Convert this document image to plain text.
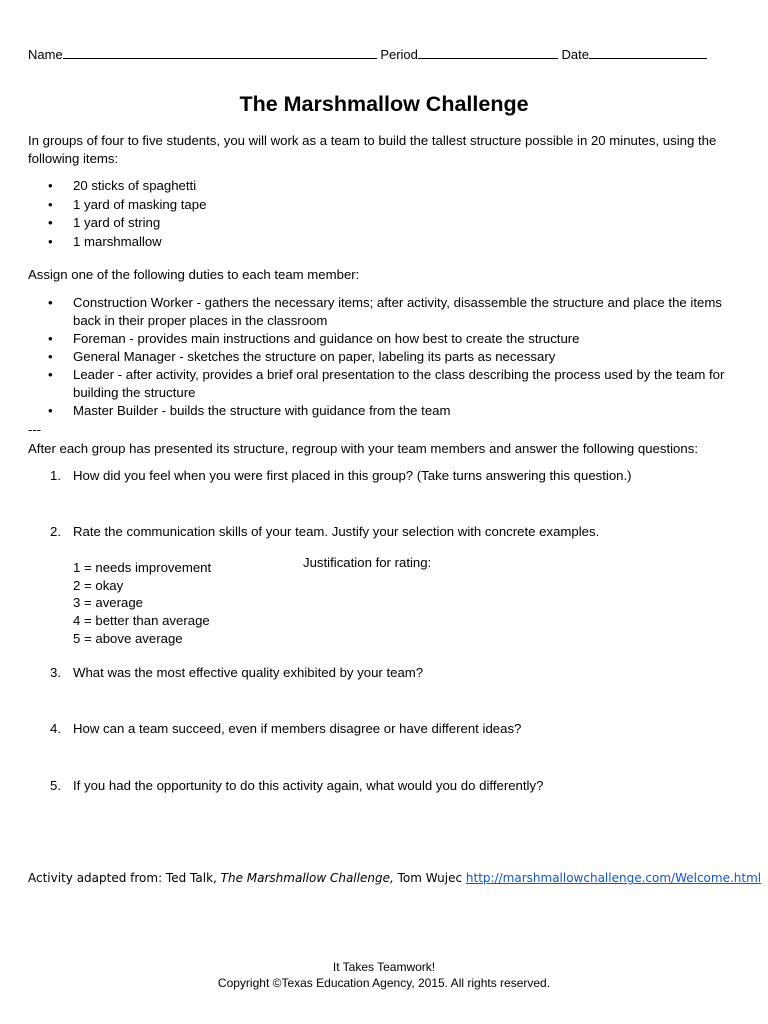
Name	Period	Date
The Marshmallow Challenge
In groups of four to five students, you will work as a team to build the tallest structure possible in 20 minutes, using the following items:
• 20 sticks of spaghetti
• 1 yard of masking tape
• 1 yard of string
• 1 marshmallow
Assign one of the following duties to each team member:
• Construction Worker - gathers the necessary items; after activity, disassemble the structure and place the items back in their proper places in the classroom
• Foreman - provides main instructions and guidance on how best to create the structure
• General Manager - sketches the structure on paper, labeling its parts as necessary
• Leader - after activity, provides a brief oral presentation to the class describing the process used by the team for building the structure
• Master Builder - builds the structure with guidance from the team
---
After each group has presented its structure, regroup with your team members and answer the following questions:
1. How did you feel when you were first placed in this group? (Take turns answering this question.)
2. Rate the communication skills of your team. Justify your selection with concrete examples.
1 = needs improvement
2 = okay
3 = average
4 = better than average
5 = above average
Justification for rating:
3. What was the most effective quality exhibited by your team?
4. How can a team succeed, even if members disagree or have different ideas?
5. If you had the opportunity to do this activity again, what would you do differently?
Activity adapted from: Ted Talk, The Marshmallow Challenge, Tom Wujec http://marshmallowchallenge.com/Welcome.html
It Takes Teamwork!
Copyright ©Texas Education Agency, 2015. All rights reserved.
